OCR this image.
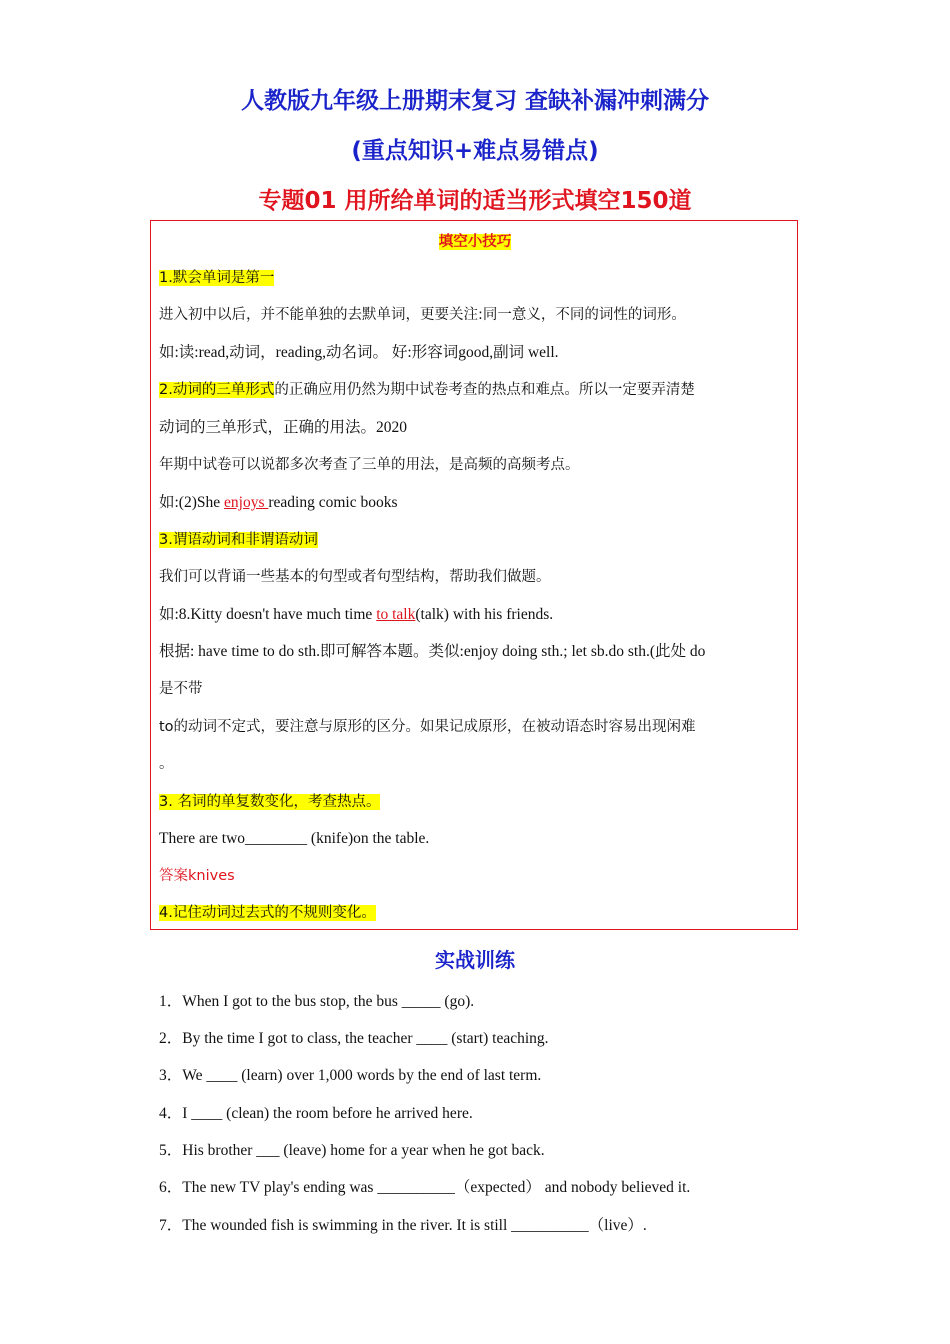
人教版九年级上册期末复习 查缺补漏冲刺满分
(重点知识+难点易错点)
专题01 用所给单词的适当形式填空150道
填空小技巧
1.默会单词是第一
进入初中以后，并不能单独的去默单词，更要关注:同一意义，不同的词性的词形。
如:读:read,动词，reading,动名词。 好:形容词good,副词 well.
2.动词的三单形式的正确应用仍然为期中试卷考查的热点和难点。所以一定要弄清楚
动词的三单形式，正确的用法。2020
年期中试卷可以说都多次考查了三单的用法，是高频的高频考点。
如:(2)She enjoys reading comic books
3.谓语动词和非谓语动词
我们可以背诵一些基本的句型或者句型结构，帮助我们做题。
如:8.Kitty doesn't have much time to talk(talk) with his friends.
根据: have time to do sth.即可解答本题。类似:enjoy doing sth.; let sb.do sth.(此处 do
是不带
to的动词不定式，要注意与原形的区分。如果记成原形，在被动语态时容易出现闲难
。
3. 名词的单复数变化，考查热点。
There are two________ (knife)on the table.
答案knives
4.记住动词过去式的不规则变化。
实战训练
1．When I got to the bus stop, the bus _____ (go).
2．By the time I got to class, the teacher ____ (start) teaching.
3．We ____ (learn) over 1,000 words by the end of last term.
4．I ____ (clean) the room before he arrived here.
5．His brother ___ (leave) home for a year when he got back.
6．The new TV play's ending was __________（expected） and nobody believed it.
7．The wounded fish is swimming in the river. It is still __________（live）.
